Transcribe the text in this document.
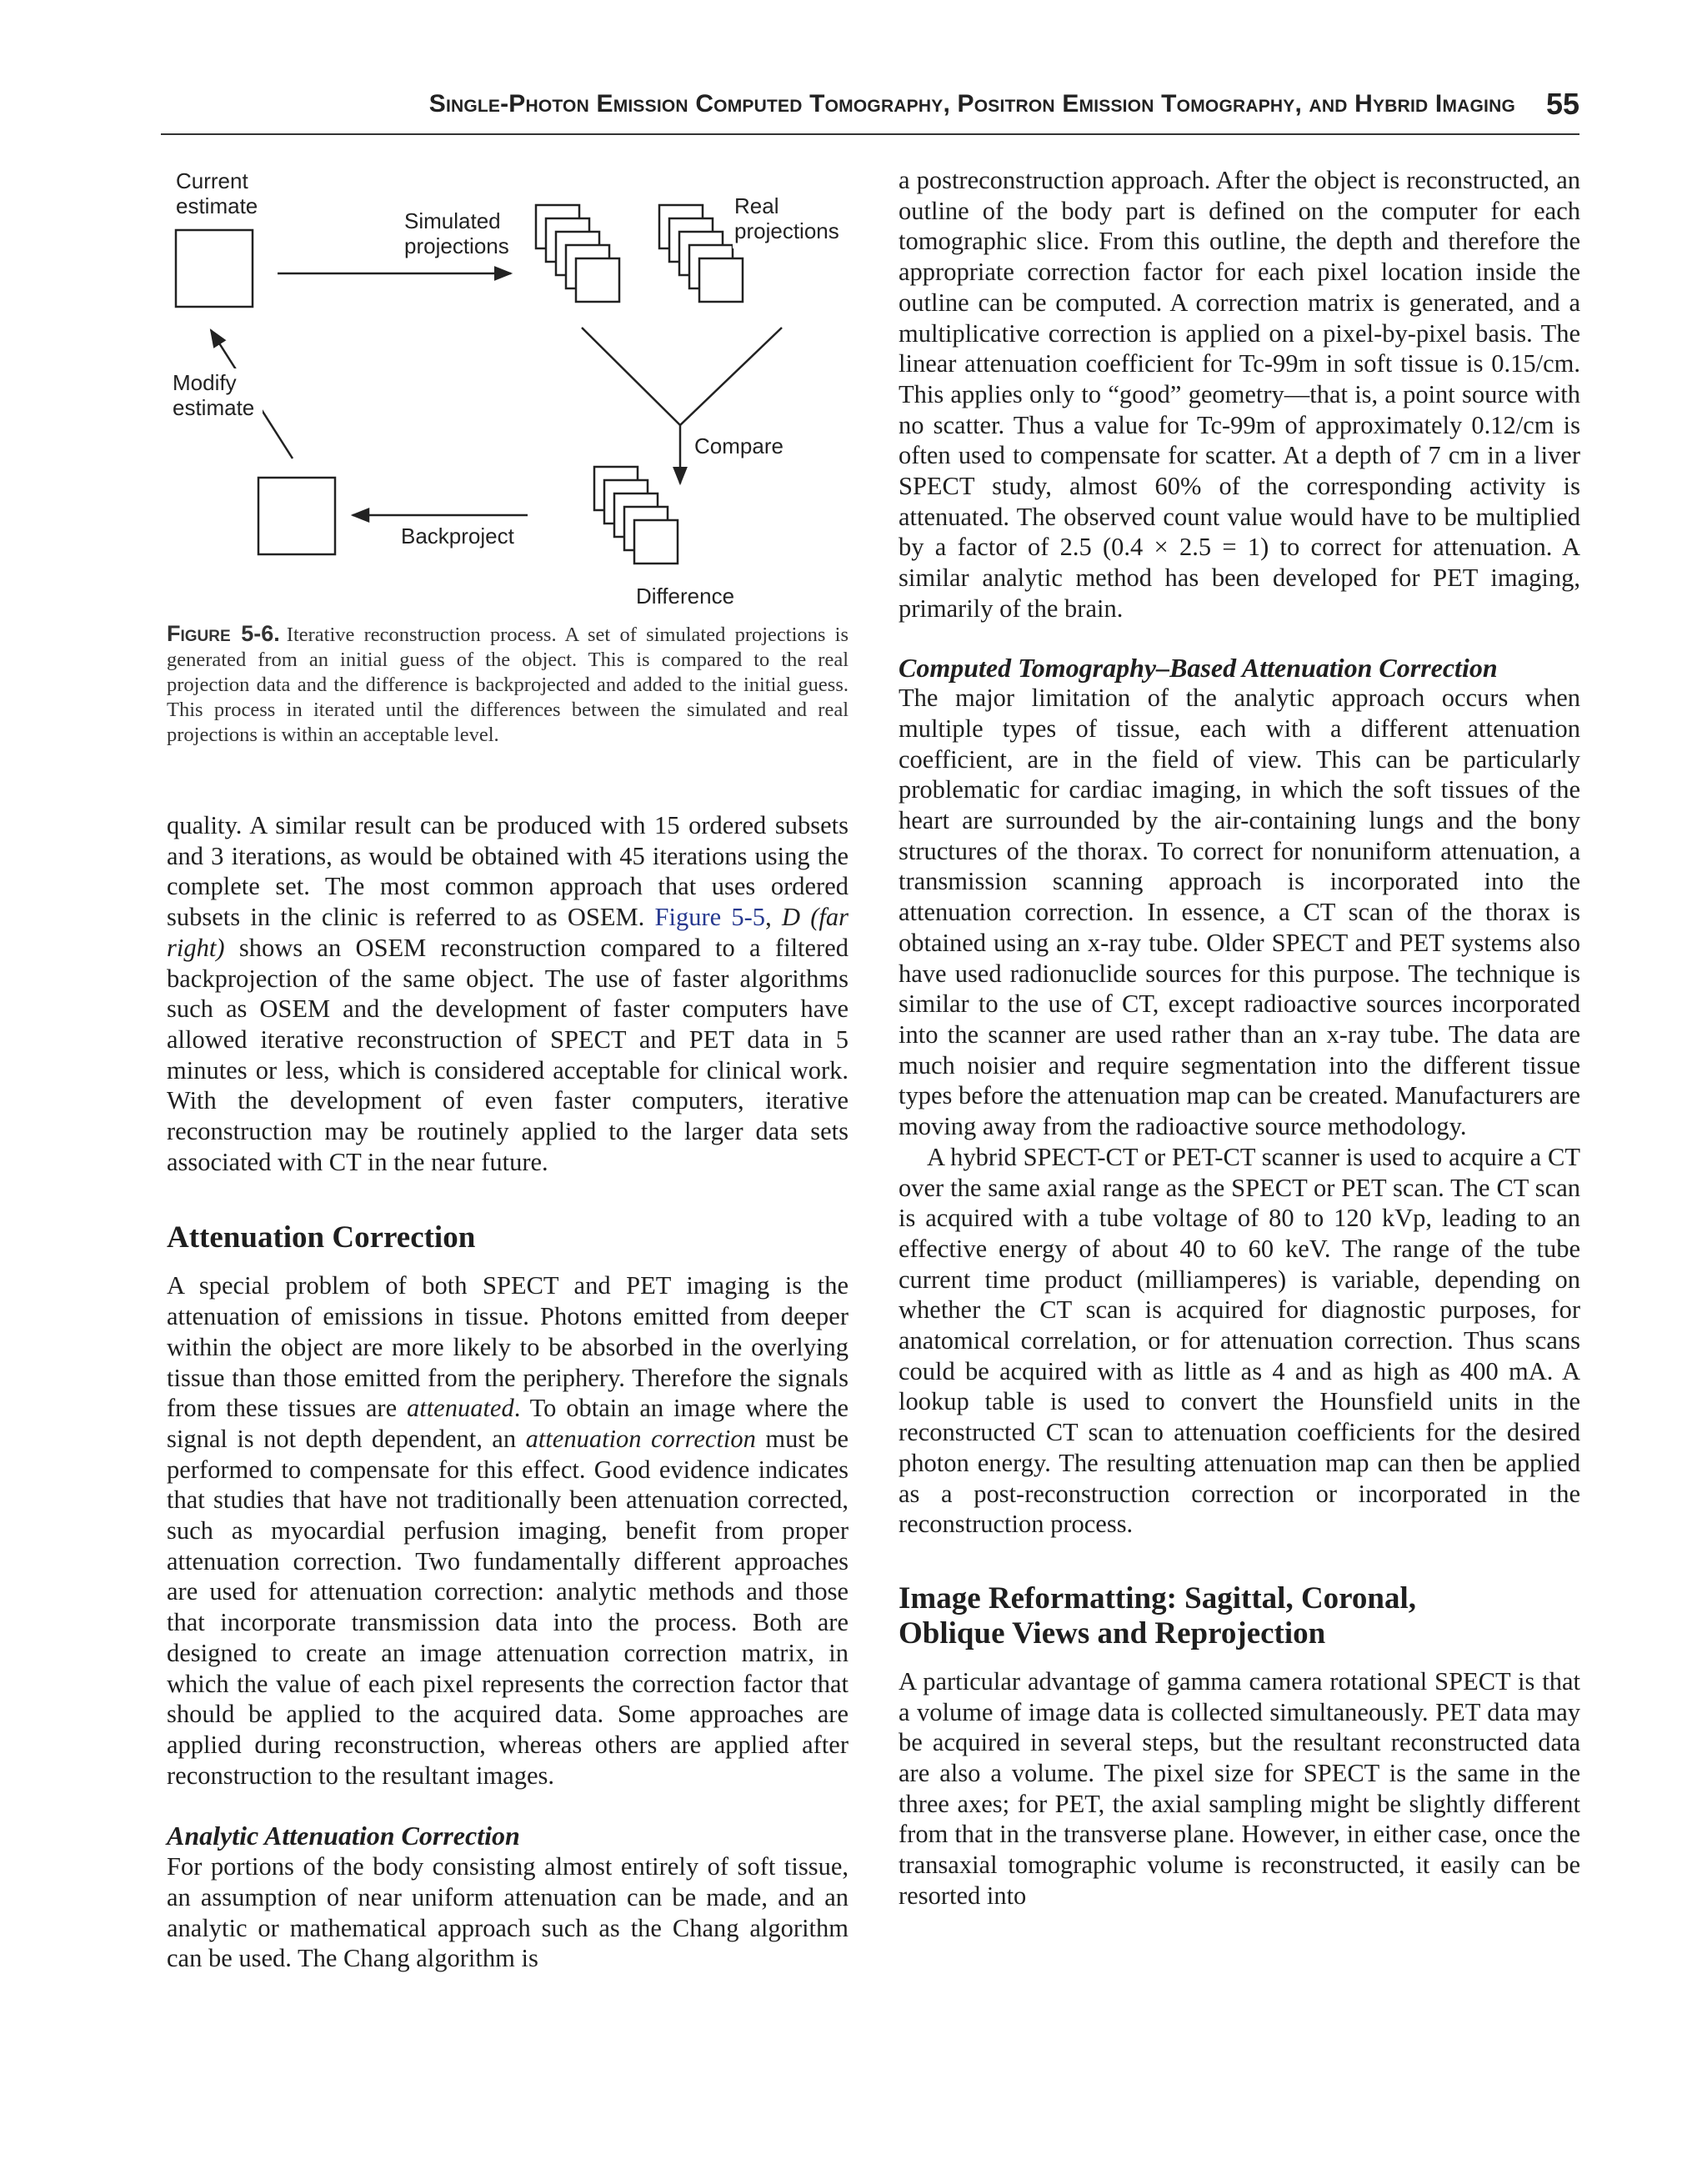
Single-Photon Emission Computed Tomography, Positron Emission Tomography, and Hybrid Imaging 55
Current
estimate
Simulated
projections
Real
projections
Compare
Difference
Backproject
Modify
estimate
Figure 5-6. Iterative reconstruction process. A set of simulated projections is generated from an initial guess of the object. This is compared to the real projection data and the difference is backprojected and added to the initial guess. This process in iterated until the differences between the simulated and real projections is within an acceptable level.

quality. A similar result can be produced with 15 ordered subsets and 3 iterations, as would be obtained with 45 iterations using the complete set. The most common approach that uses ordered subsets in the clinic is referred to as OSEM. Figure 5-5, D (far right) shows an OSEM reconstruction compared to a filtered backprojection of the same object. The use of faster algorithms such as OSEM and the development of faster computers have allowed iterative reconstruction of SPECT and PET data in 5 minutes or less, which is considered acceptable for clinical work. With the development of even faster computers, iterative reconstruction may be routinely applied to the larger data sets associated with CT in the near future.

Attenuation Correction

A special problem of both SPECT and PET imaging is the attenuation of emissions in tissue. Photons emitted from deeper within the object are more likely to be absorbed in the overlying tissue than those emitted from the periphery. Therefore the signals from these tissues are attenuated. To obtain an image where the signal is not depth dependent, an attenuation correction must be performed to compensate for this effect. Good evidence indicates that studies that have not traditionally been attenuation corrected, such as myocardial perfusion imaging, benefit from proper attenuation correction. Two fundamentally different approaches are used for attenuation correction: analytic methods and those that incorporate transmission data into the process. Both are designed to create an image attenuation correction matrix, in which the value of each pixel represents the correction factor that should be applied to the acquired data. Some approaches are applied during reconstruction, whereas others are applied after reconstruction to the resultant images.

Analytic Attenuation Correction

For portions of the body consisting almost entirely of soft tissue, an assumption of near uniform attenuation can be made, and an analytic or mathematical approach such as the Chang algorithm can be used. The Chang algorithm is

a postreconstruction approach. After the object is reconstructed, an outline of the body part is defined on the computer for each tomographic slice. From this outline, the depth and therefore the appropriate correction factor for each pixel location inside the outline can be computed. A correction matrix is generated, and a multiplicative correction is applied on a pixel-by-pixel basis. The linear attenuation coefficient for Tc-99m in soft tissue is 0.15/cm. This applies only to “good” geometry—that is, a point source with no scatter. Thus a value for Tc-99m of approximately 0.12/cm is often used to compensate for scatter. At a depth of 7 cm in a liver SPECT study, almost 60% of the corresponding activity is attenuated. The observed count value would have to be multiplied by a factor of 2.5 (0.4 × 2.5 = 1) to correct for attenuation. A similar analytic method has been developed for PET imaging, primarily of the brain.

Computed Tomography–Based Attenuation Correction

The major limitation of the analytic approach occurs when multiple types of tissue, each with a different attenuation coefficient, are in the field of view. This can be particularly problematic for cardiac imaging, in which the soft tissues of the heart are surrounded by the air-containing lungs and the bony structures of the thorax. To correct for nonuniform attenuation, a transmission scanning approach is incorporated into the attenuation correction. In essence, a CT scan of the thorax is obtained using an x-ray tube. Older SPECT and PET systems also have used radionuclide sources for this purpose. The technique is similar to the use of CT, except radioactive sources incorporated into the scanner are used rather than an x-ray tube. The data are much noisier and require segmentation into the different tissue types before the attenuation map can be created. Manufacturers are moving away from the radioactive source methodology.

A hybrid SPECT-CT or PET-CT scanner is used to acquire a CT over the same axial range as the SPECT or PET scan. The CT scan is acquired with a tube voltage of 80 to 120 kVp, leading to an effective energy of about 40 to 60 keV. The range of the tube current time product (milliamperes) is variable, depending on whether the CT scan is acquired for diagnostic purposes, for anatomical correlation, or for attenuation correction. Thus scans could be acquired with as little as 4 and as high as 400 mA. A lookup table is used to convert the Hounsfield units in the reconstructed CT scan to attenuation coefficients for the desired photon energy. The resulting attenuation map can then be applied as a post-reconstruction correction or incorporated in the reconstruction process.

Image Reformatting: Sagittal, Coronal,
Oblique Views and Reprojection

A particular advantage of gamma camera rotational SPECT is that a volume of image data is collected simultaneously. PET data may be acquired in several steps, but the resultant reconstructed data are also a volume. The pixel size for SPECT is the same in the three axes; for PET, the axial sampling might be slightly different from that in the transverse plane. However, in either case, once the transaxial tomographic volume is reconstructed, it easily can be resorted into
